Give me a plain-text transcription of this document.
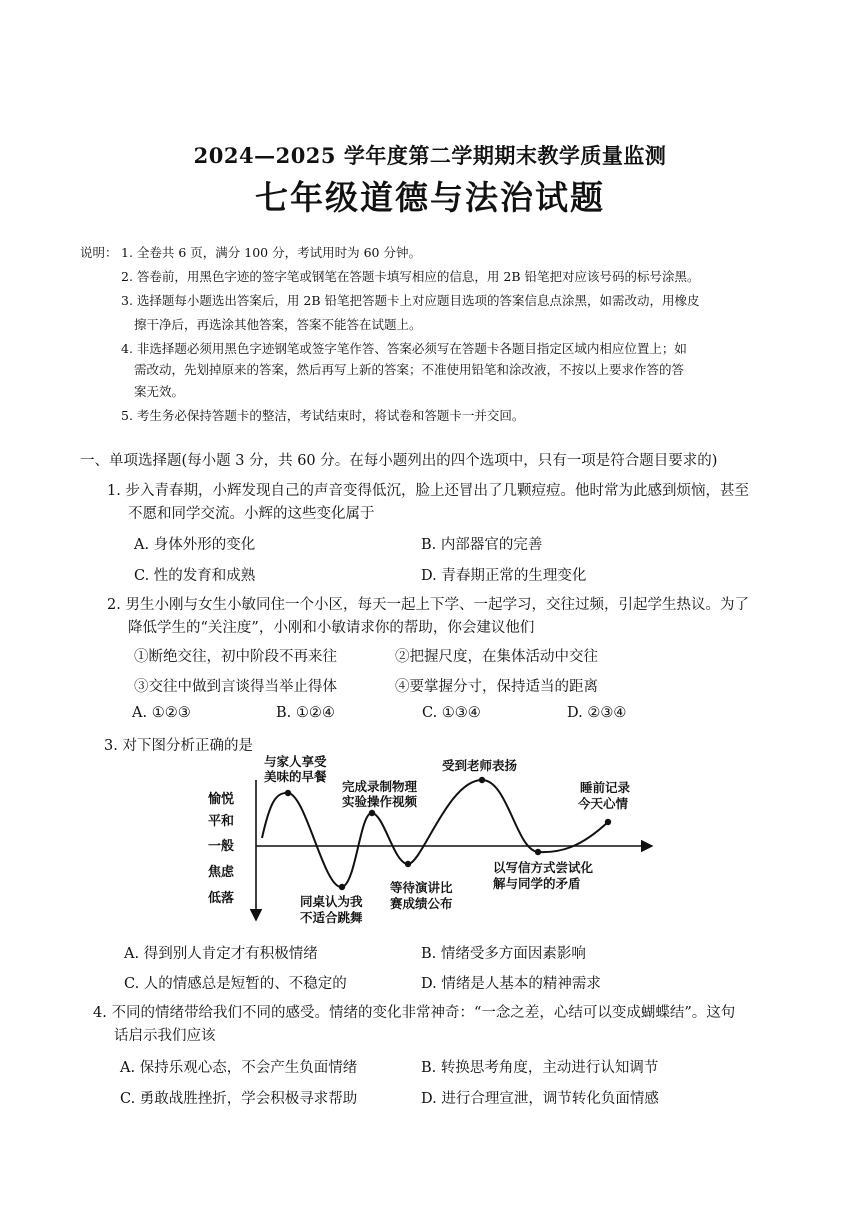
2024—2025 学年度第二学期期末教学质量监测
七年级道德与法治试题
说明： 1. 全卷共 6 页，满分 100 分，考试用时为 60 分钟。
2. 答卷前，用黑色字迹的签字笔或钢笔在答题卡填写相应的信息，用 2B 铅笔把对应该号码的标号涂黑。
3. 选择题每小题选出答案后，用 2B 铅笔把答题卡上对应题目选项的答案信息点涂黑，如需改动，用橡皮
擦干净后，再选涂其他答案，答案不能答在试题上。
4. 非选择题必须用黑色字迹钢笔或签字笔作答、答案必须写在答题卡各题目指定区域内相应位置上；如
需改动，先划掉原来的答案，然后再写上新的答案；不准使用铅笔和涂改液，不按以上要求作答的答
案无效。
5. 考生务必保持答题卡的整洁，考试结束时，将试卷和答题卡一并交回。
一、单项选择题(每小题 3 分，共 60 分。在每小题列出的四个选项中，只有一项是符合题目要求的)
1. 步入青春期，小辉发现自己的声音变得低沉，脸上还冒出了几颗痘痘。他时常为此感到烦恼，甚至
不愿和同学交流。小辉的这些变化属于
A. 身体外形的变化	B. 内部器官的完善
C. 性的发育和成熟	D. 青春期正常的生理变化
2. 男生小刚与女生小敏同住一个小区，每天一起上下学、一起学习，交往过频，引起学生热议。为了
降低学生的“关注度”，小刚和小敏请求你的帮助，你会建议他们
①断绝交往，初中阶段不再来往	②把握尺度，在集体活动中交往
③交往中做到言谈得当举止得体	④要掌握分寸，保持适当的距离
A. ①②③	B. ①②④	C. ①③④	D. ②③④
3. 对下图分析正确的是
愉悦
平和
一般
焦虑
低落
与家人享受
美味的早餐
完成录制物理
实验操作视频
受到老师表扬
睡前记录
今天心情
同桌认为我
不适合跳舞
等待演讲比
赛成绩公布
以写信方式尝试化
解与同学的矛盾
A. 得到别人肯定才有积极情绪	B. 情绪受多方面因素影响
C. 人的情感总是短暂的、不稳定的	D. 情绪是人基本的精神需求
4. 不同的情绪带给我们不同的感受。情绪的变化非常神奇：“一念之差，心结可以变成蝴蝶结”。这句
话启示我们应该
A. 保持乐观心态，不会产生负面情绪	B. 转换思考角度，主动进行认知调节
C. 勇敢战胜挫折，学会积极寻求帮助	D. 进行合理宣泄，调节转化负面情感
